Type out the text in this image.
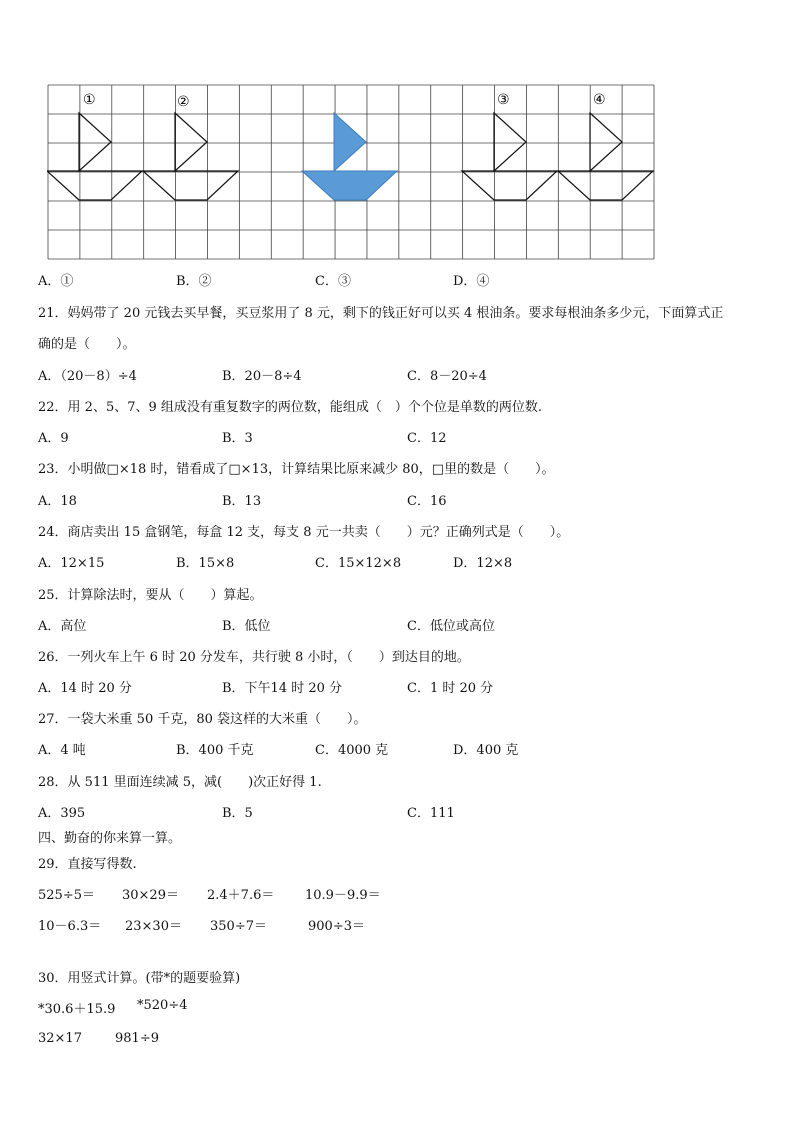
①	②	③	④
A．①	B．②	C．③	D．④
21．妈妈带了 20 元钱去买早餐，买豆浆用了 8 元，剩下的钱正好可以买 4 根油条。要求每根油条多少元，下面算式正
确的是（　　）。
A．（20－8）÷4	B．20－8÷4	C．8－20÷4
22．用 2、5、7、9 组成没有重复数字的两位数，能组成（　）个个位是单数的两位数.
A．9	B．3	C．12
23．小明做□×18 时，错看成了□×13，计算结果比原来减少 80，□里的数是（　　）。
A．18	B．13	C．16
24．商店卖出 15 盒钢笔，每盒 12 支，每支 8 元一共卖（　　）元？正确列式是（　　）。
A．12×15	B．15×8	C．15×12×8	D．12×8
25．计算除法时，要从（　　）算起。
A．高位	B．低位	C．低位或高位
26．一列火车上午 6 时 20 分发车，共行驶 8 小时，（　　）到达目的地。
A．14 时 20 分	B．下午14 时 20 分	C．1 时 20 分
27．一袋大米重 50 千克，80 袋这样的大米重（　　）。
A．4 吨	B．400 千克	C．4000 克	D．400 克
28．从 511 里面连续减 5，减(　　)次正好得 1.
A．395	B．5	C．111
四、勤奋的你来算一算。
29．直接写得数.
525÷5＝ 30×29＝ 2.4＋7.6＝ 10.9－9.9＝
10－6.3＝ 23×30＝ 350÷7＝	900÷3＝
30．用竖式计算。(带*的题要验算)
*30.6＋15.9 *520÷4
32×17	981÷9
